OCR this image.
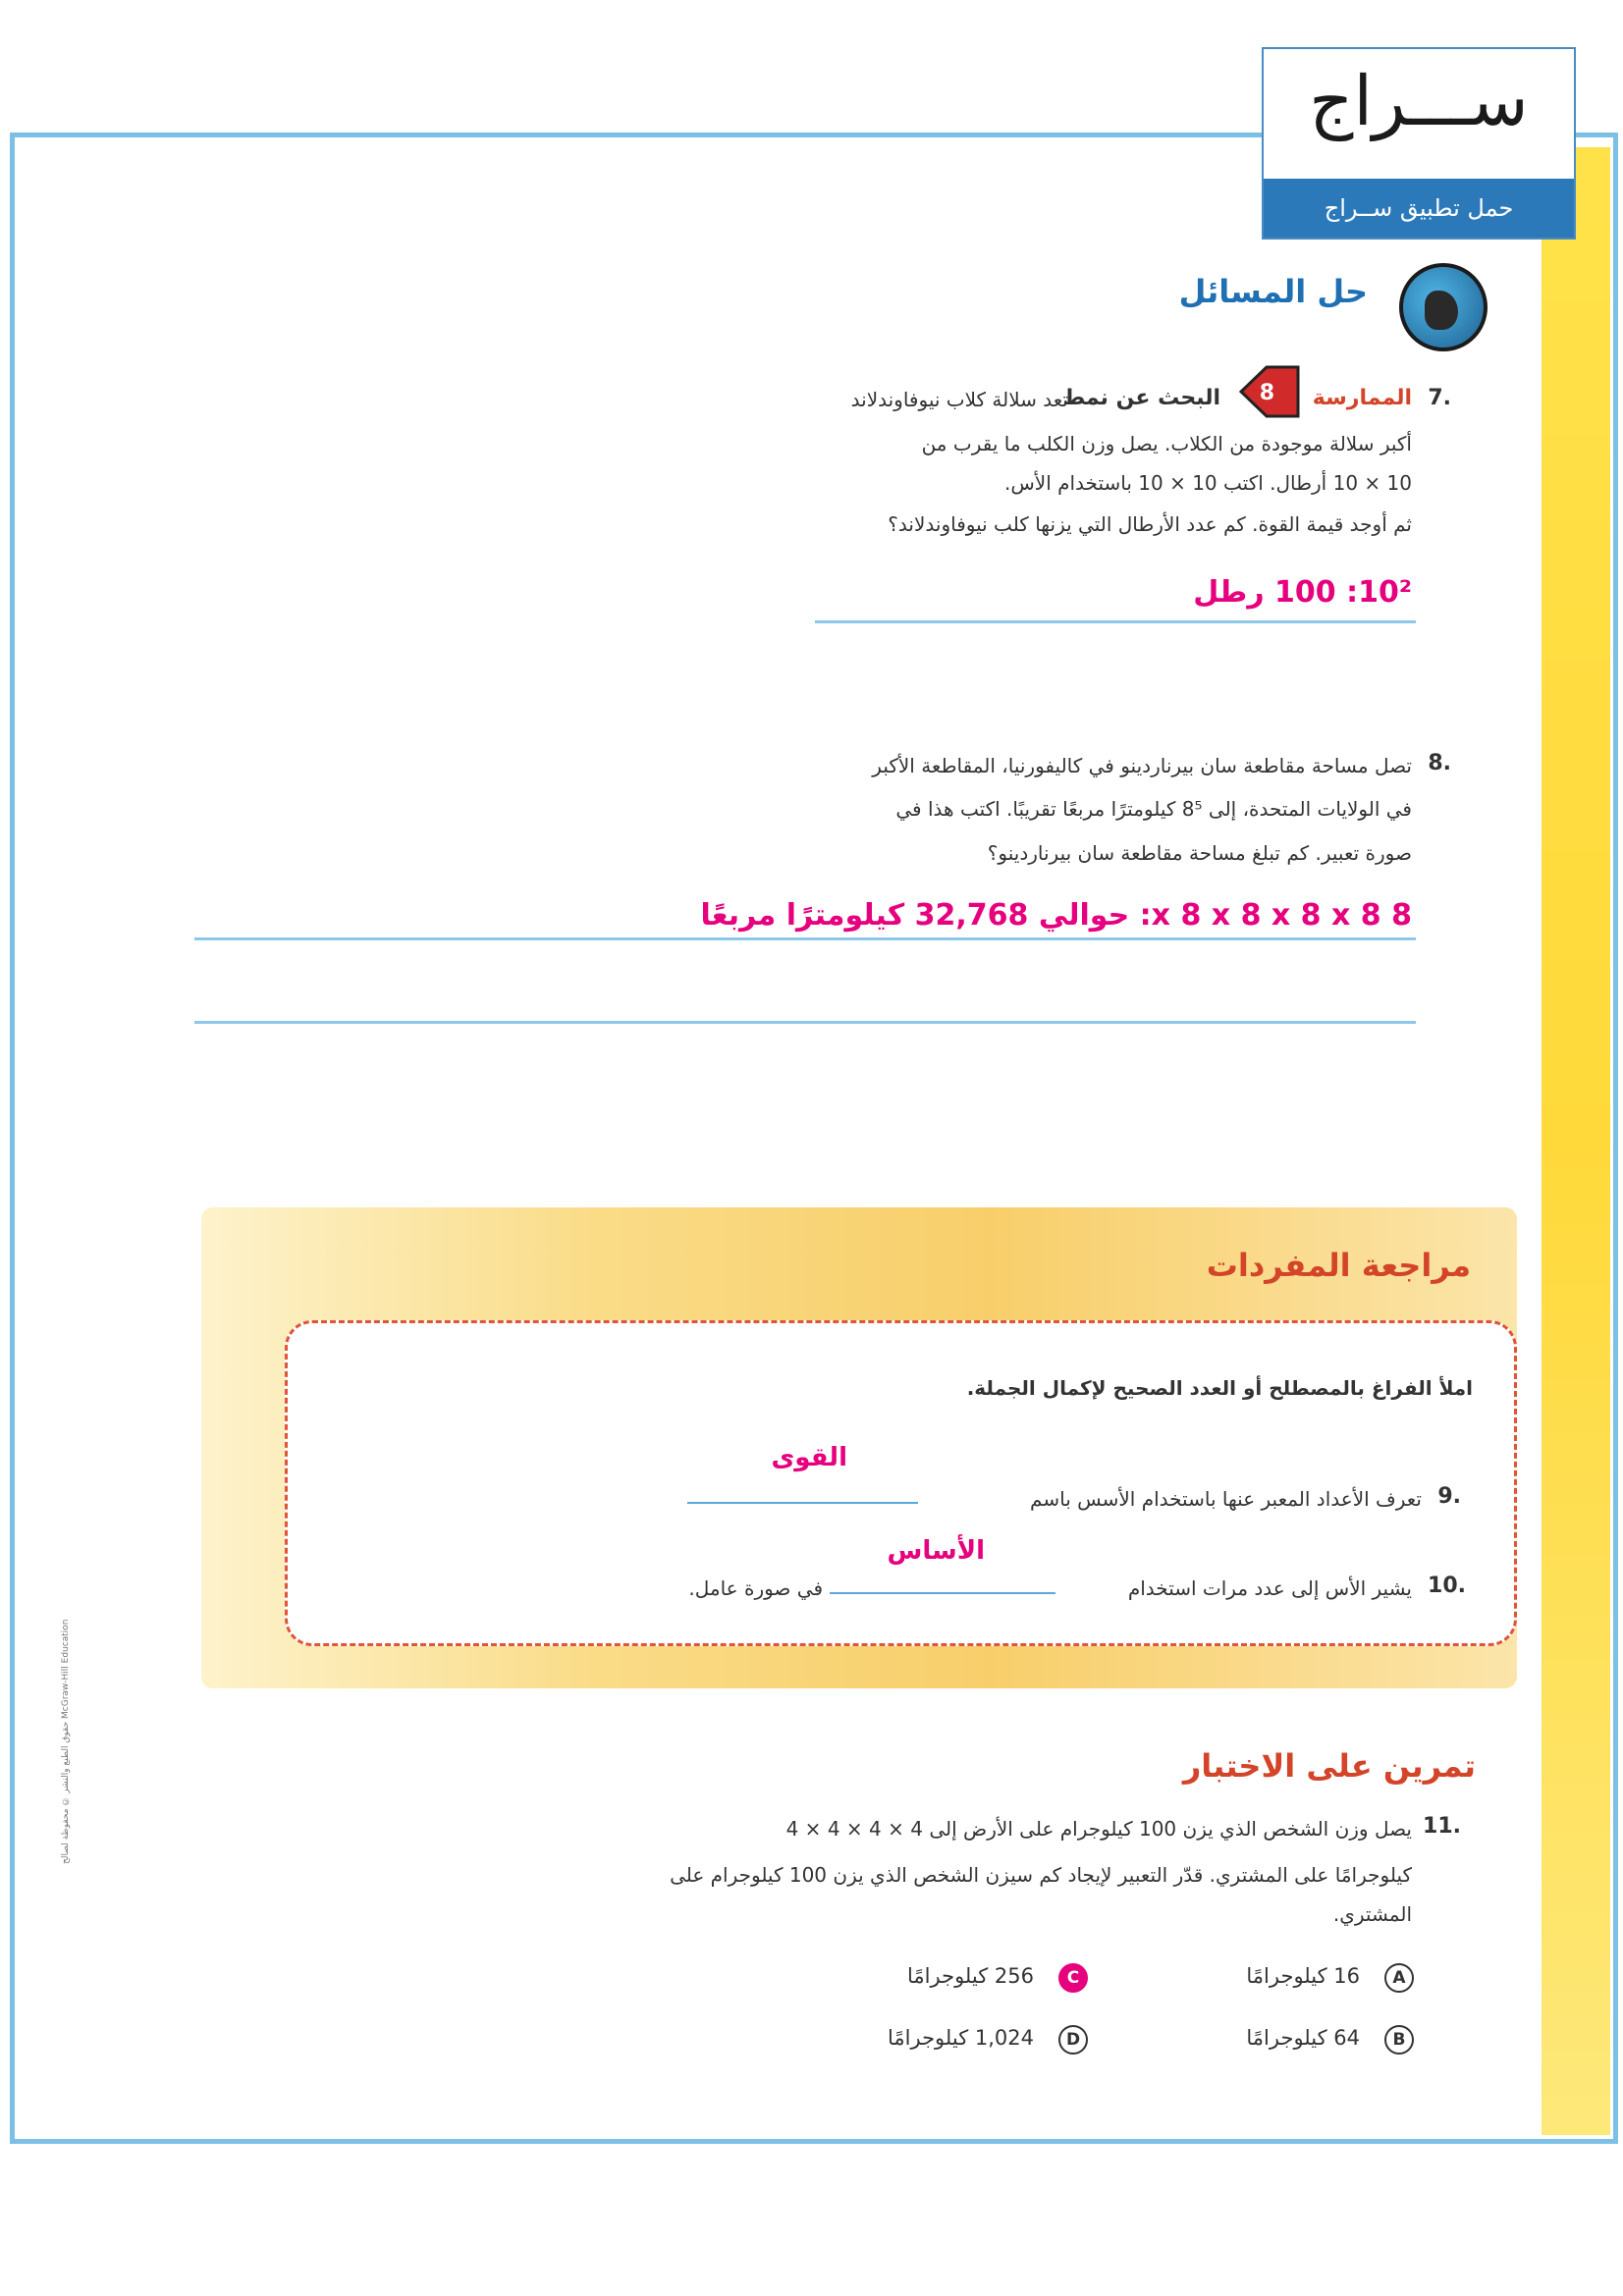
ســـراج
حمل تطبيق ســراج
حل المسائل
.7
الممارسة
8
البحث عن نمط
تعد سلالة كلاب نيوفاوندلاند
أكبر سلالة موجودة من الكلاب. يصل وزن الكلب ما يقرب من
10 × 10 أرطال. اكتب 10 × 10 باستخدام الأس.
ثم أوجد قيمة القوة. كم عدد الأرطال التي يزنها كلب نيوفاوندلاند؟
10²: 100 رطل
.8
تصل مساحة مقاطعة سان بيرناردينو في كاليفورنيا، المقاطعة الأكبر
في الولايات المتحدة، إلى 8⁵ كيلومترًا مربعًا تقريبًا. اكتب هذا في
صورة تعبير. كم تبلغ مساحة مقاطعة سان بيرناردينو؟
8 x 8 x 8 x 8 x 8: حوالي 32,768 كيلومترًا مربعًا
مراجعة المفردات
املأ الفراغ بالمصطلح أو العدد الصحيح لإكمال الجملة.
القوى
.9
تعرف الأعداد المعبر عنها باستخدام الأسس باسم
الأساس
.10
يشير الأس إلى عدد مرات استخدام
في صورة عامل.
تمرين على الاختبار
.11
يصل وزن الشخص الذي يزن 100 كيلوجرام على الأرض إلى 4 × 4 × 4 × 4
كيلوجرامًا على المشتري. قدّر التعبير لإيجاد كم سيزن الشخص الذي يزن 100 كيلوجرام على
المشتري.
A
16 كيلوجرامًا
C
256 كيلوجرامًا
B
64 كيلوجرامًا
D
1,024 كيلوجرامًا
McGraw-Hill Education حقوق الطبع والنشر © محفوظة لصالح
